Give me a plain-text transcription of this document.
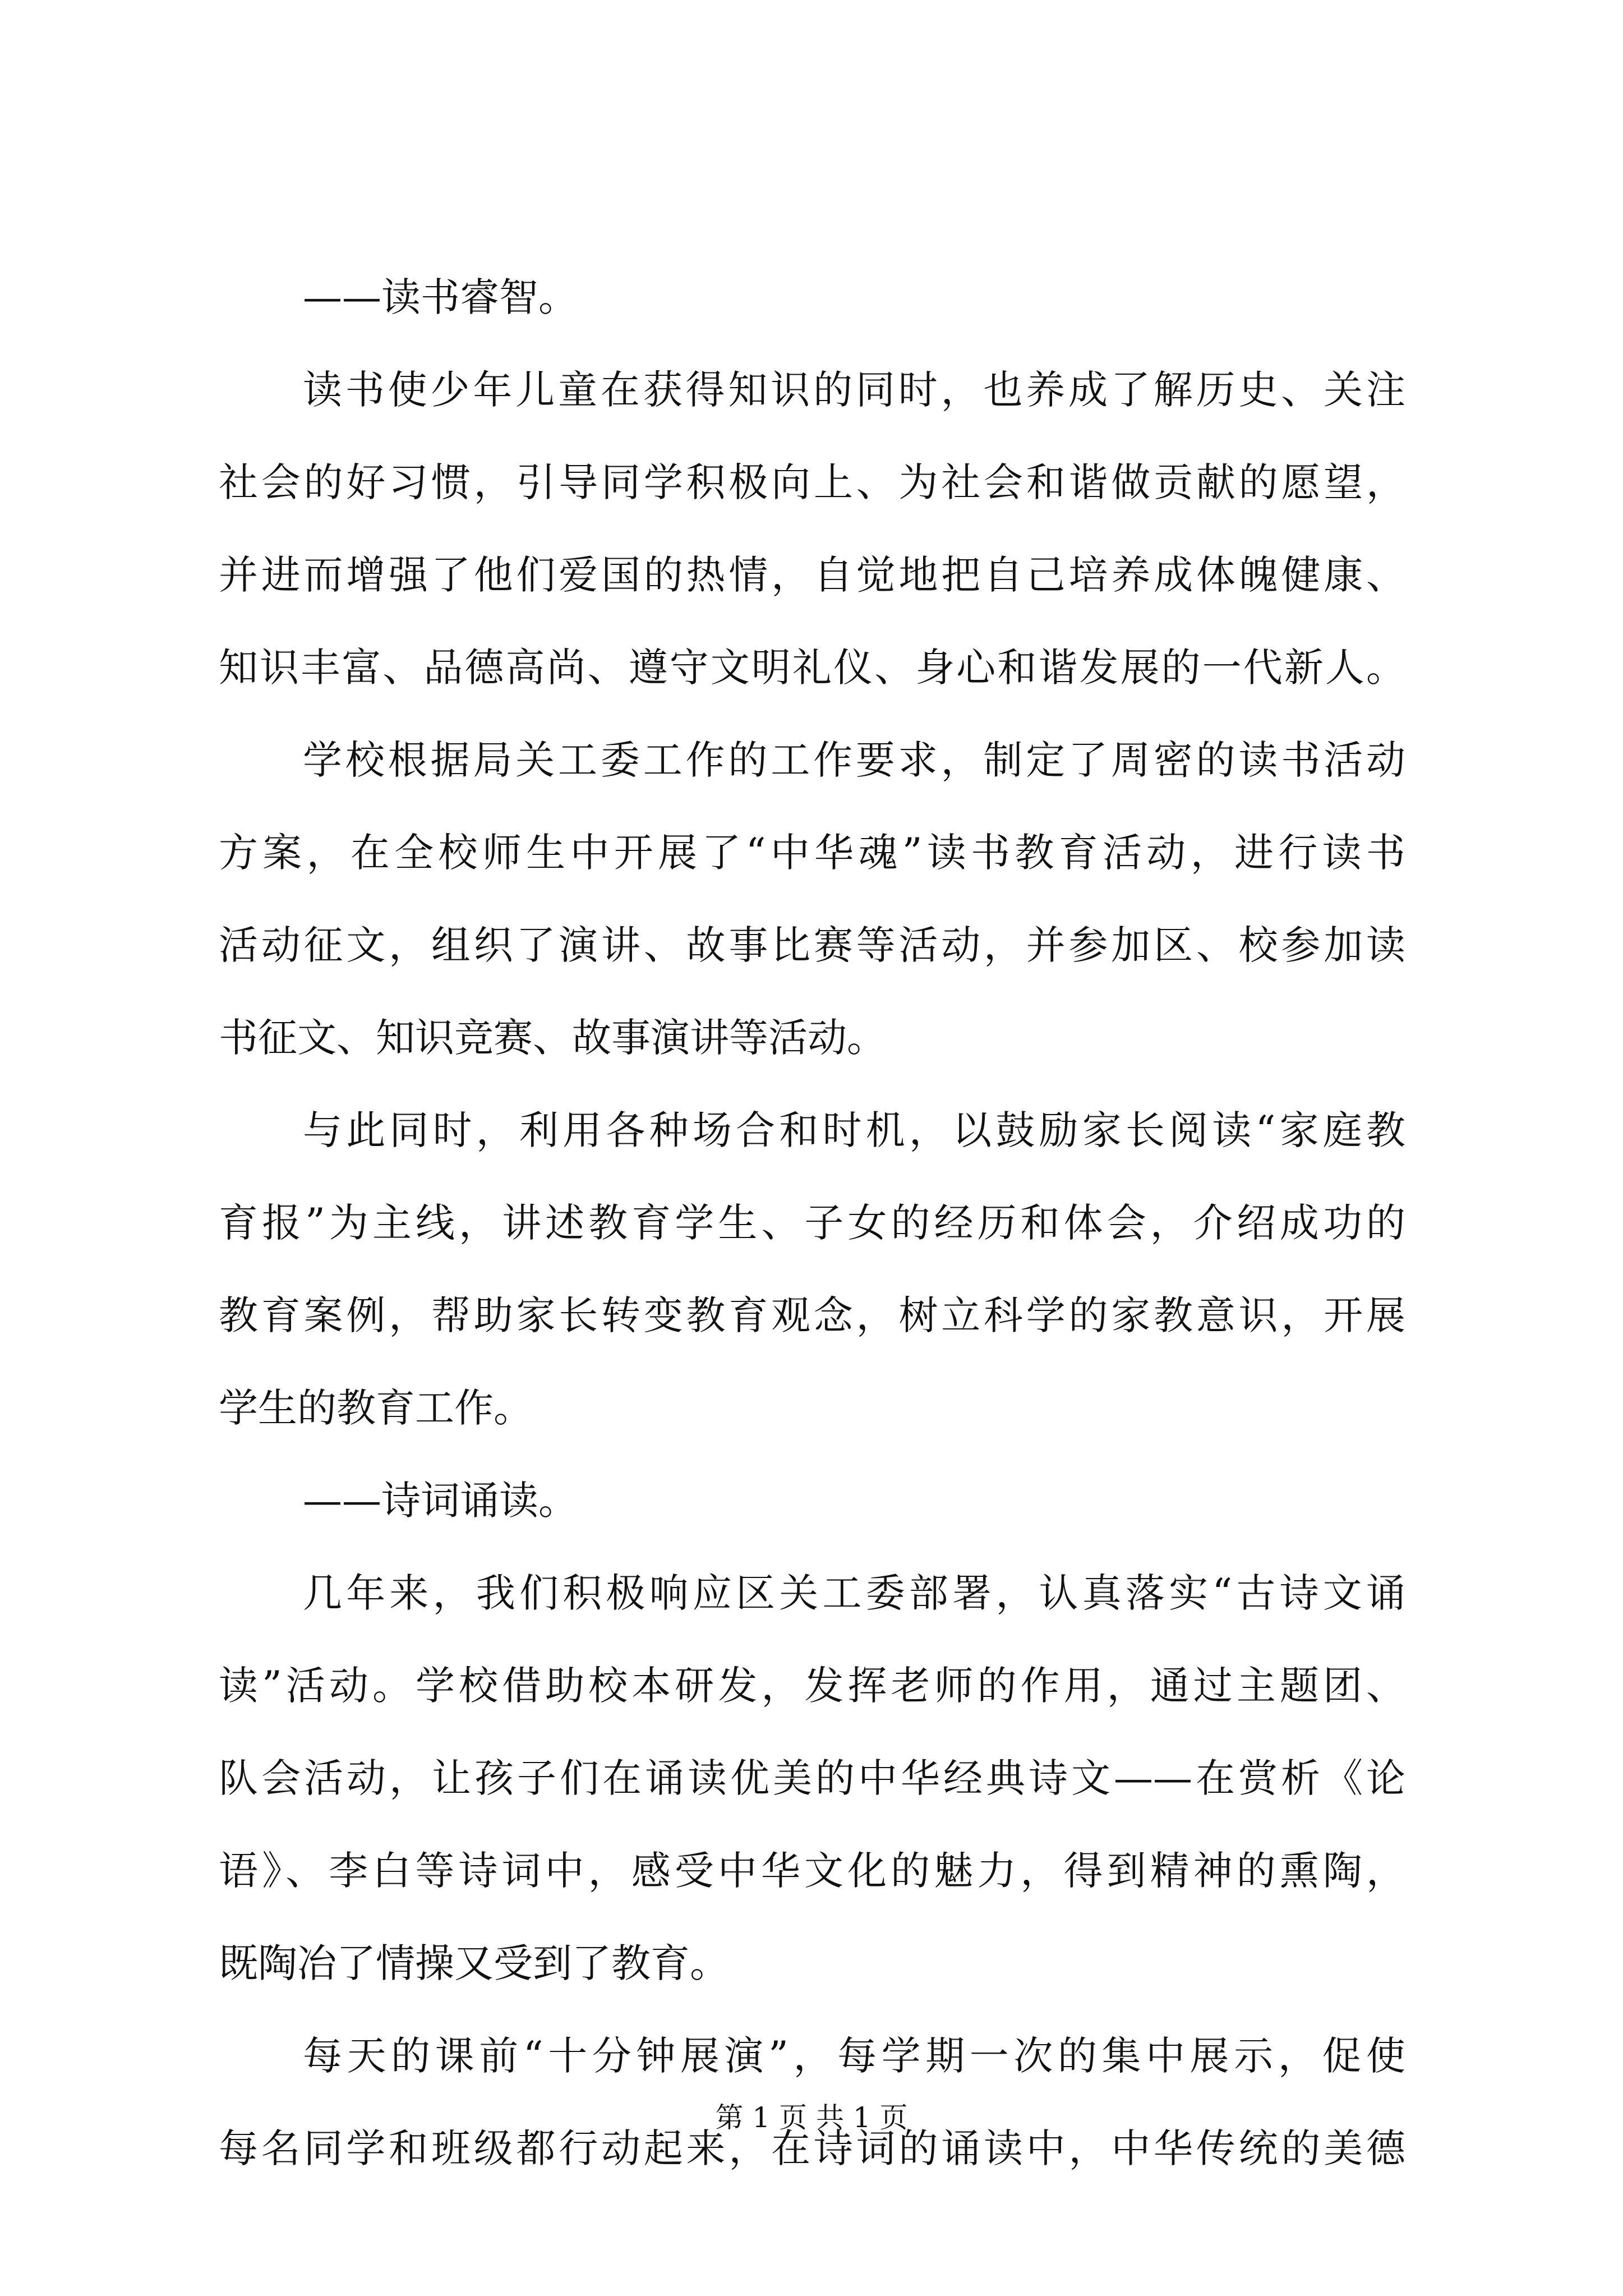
——读书睿智。
读书使少年儿童在获得知识的同时，也养成了解历史、关注
社会的好习惯，引导同学积极向上、为社会和谐做贡献的愿望，
并进而增强了他们爱国的热情，自觉地把自己培养成体魄健康、
知识丰富、品德高尚、遵守文明礼仪、身心和谐发展的一代新人。
学校根据局关工委工作的工作要求，制定了周密的读书活动
方案，在全校师生中开展了“中华魂”读书教育活动，进行读书
活动征文，组织了演讲、故事比赛等活动，并参加区、校参加读
书征文、知识竞赛、故事演讲等活动。
与此同时，利用各种场合和时机，以鼓励家长阅读“家庭教
育报”为主线，讲述教育学生、子女的经历和体会，介绍成功的
教育案例，帮助家长转变教育观念，树立科学的家教意识，开展
学生的教育工作。
——诗词诵读。
几年来，我们积极响应区关工委部署，认真落实“古诗文诵
读”活动。学校借助校本研发，发挥老师的作用，通过主题团、
队会活动，让孩子们在诵读优美的中华经典诗文——在赏析《论
语》、李白等诗词中，感受中华文化的魅力，得到精神的熏陶，
既陶冶了情操又受到了教育。
每天的课前“十分钟展演”，每学期一次的集中展示，促使
每名同学和班级都行动起来，在诗词的诵读中，中华传统的美德
第 1 页 共 1 页
